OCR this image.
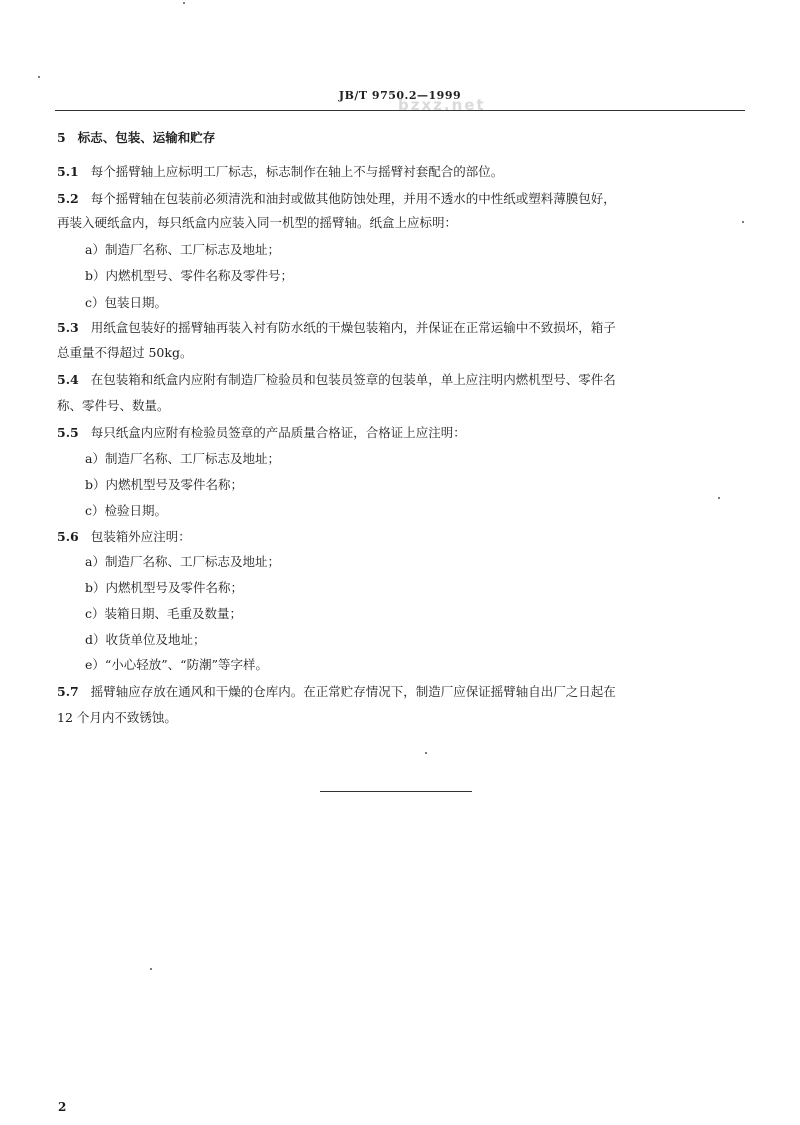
JB/T 9750.2—1999
bzxz.net
5 标志、包装、运输和贮存
5.1 每个摇臂轴上应标明工厂标志，标志制作在轴上不与摇臂衬套配合的部位。
5.2 每个摇臂轴在包装前必须清洗和油封或做其他防蚀处理，并用不透水的中性纸或塑料薄膜包好，
再装入硬纸盒内，每只纸盒内应装入同一机型的摇臂轴。纸盒上应标明：
a）制造厂名称、工厂标志及地址；
b）内燃机型号、零件名称及零件号；
c）包装日期。
5.3 用纸盒包装好的摇臂轴再装入衬有防水纸的干燥包装箱内，并保证在正常运输中不致损坏，箱子
总重量不得超过 50kg。
5.4 在包装箱和纸盒内应附有制造厂检验员和包装员签章的包装单，单上应注明内燃机型号、零件名
称、零件号、数量。
5.5 每只纸盒内应附有检验员签章的产品质量合格证，合格证上应注明：
a）制造厂名称、工厂标志及地址；
b）内燃机型号及零件名称；
c）检验日期。
5.6 包装箱外应注明：
a）制造厂名称、工厂标志及地址；
b）内燃机型号及零件名称；
c）装箱日期、毛重及数量；
d）收货单位及地址；
e）“小心轻放”、“防潮”等字样。
5.7 摇臂轴应存放在通风和干燥的仓库内。在正常贮存情况下，制造厂应保证摇臂轴自出厂之日起在
12 个月内不致锈蚀。
2
